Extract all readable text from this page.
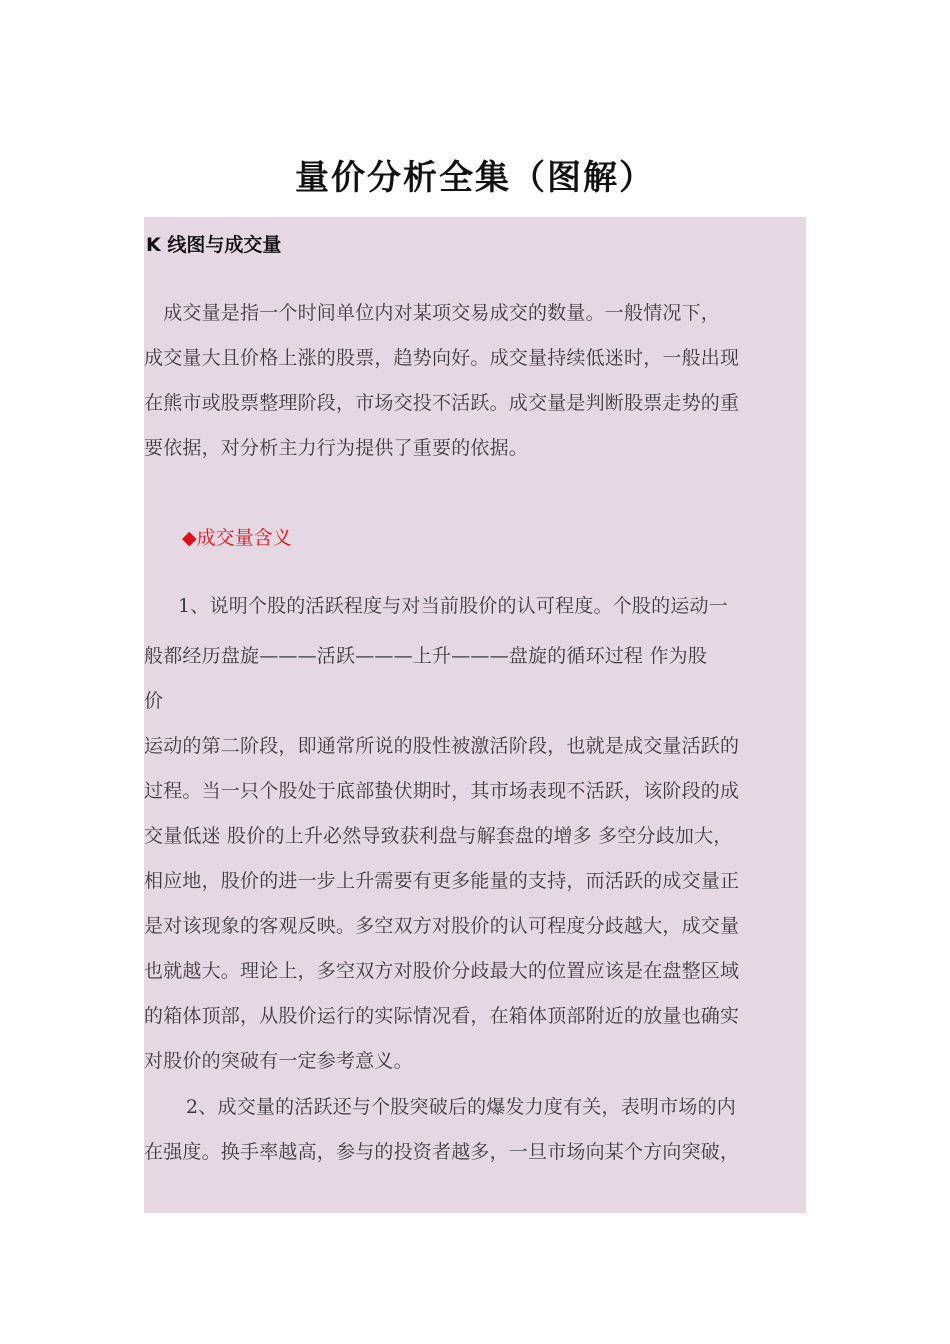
量价分析全集（图解）
K 线图与成交量
　成交量是指一个时间单位内对某项交易成交的数量。一般情况下，
成交量大且价格上涨的股票，趋势向好。成交量持续低迷时，一般出现
在熊市或股票整理阶段，市场交投不活跃。成交量是判断股票走势的重
要依据，对分析主力行为提供了重要的依据。
◆成交量含义
1、说明个股的活跃程度与对当前股价的认可程度。个股的运动一
般都经历盘旋———活跃———上升———盘旋的循环过程 作为股
价
运动的第二阶段，即通常所说的股性被激活阶段，也就是成交量活跃的
过程。当一只个股处于底部蛰伏期时，其市场表现不活跃，该阶段的成
交量低迷 股价的上升必然导致获利盘与解套盘的增多 多空分歧加大，
相应地，股价的进一步上升需要有更多能量的支持，而活跃的成交量正
是对该现象的客观反映。多空双方对股价的认可程度分歧越大，成交量
也就越大。理论上，多空双方对股价分歧最大的位置应该是在盘整区域
的箱体顶部，从股价运行的实际情况看，在箱体顶部附近的放量也确实
对股价的突破有一定参考意义。
2、成交量的活跃还与个股突破后的爆发力度有关，表明市场的内
在强度。换手率越高，参与的投资者越多，一旦市场向某个方向突破，
